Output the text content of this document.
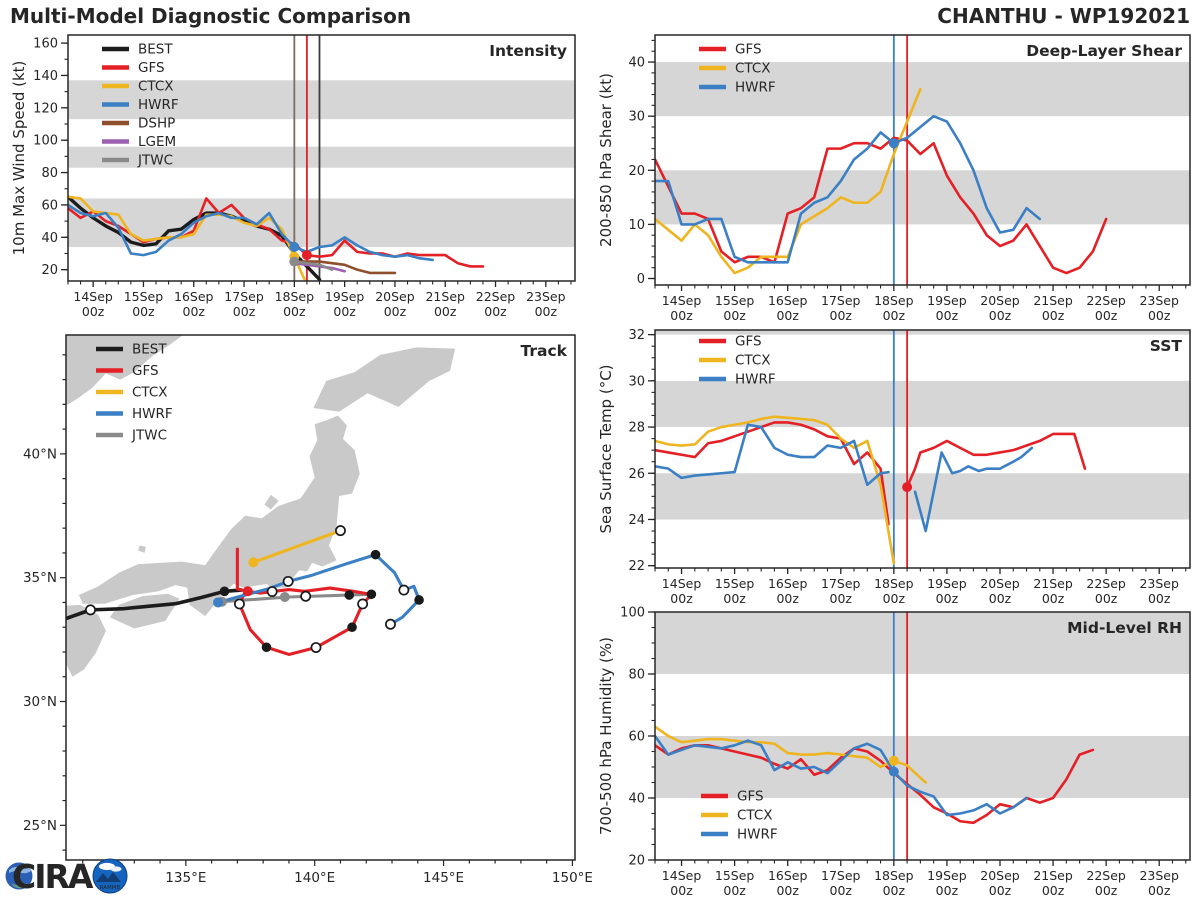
Multi-Model Diagnostic Comparison	CHANTHU - WP192021
14Sep
00z
15Sep
00z
16Sep
00z
17Sep
00z
18Sep
00z
19Sep
00z
20Sep
00z
21Sep
00z
22Sep
00z
23Sep
00z
20
40
60
80
100
120
140
160
10m Max Wind Speed (kt)
Intensity
BEST
GFS
CTCX
HWRF
DSHP
LGEM
JTWC
14Sep
00z
15Sep
00z
16Sep
00z
17Sep
00z
18Sep
00z
19Sep
00z
20Sep
00z
21Sep
00z
22Sep
00z
23Sep
00z
0
10
20
30
40
200-850 hPa Shear (kt)
Deep-Layer Shear
GFS
CTCX
HWRF
14Sep
00z
15Sep
00z
16Sep
00z
17Sep
00z
18Sep
00z
19Sep
00z
20Sep
00z
21Sep
00z
22Sep
00z
23Sep
00z
22
24
26
28
30
32
Sea Surface Temp (°C)
SST
GFS
CTCX
HWRF
14Sep
00z
15Sep
00z
16Sep
00z
17Sep
00z
18Sep
00z
19Sep
00z
20Sep
00z
21Sep
00z
22Sep
00z
23Sep
00z
20
40
60
80
100
700-500 hPa Humidity (%)
Mid-Level RH
GFS
CTCX
HWRF
135°E	140°E	145°E	150°E
25°N
30°N
35°N
40°N
Track
BEST
GFS
CTCX
HWRF
JTWC
CIRA	RAMMB
